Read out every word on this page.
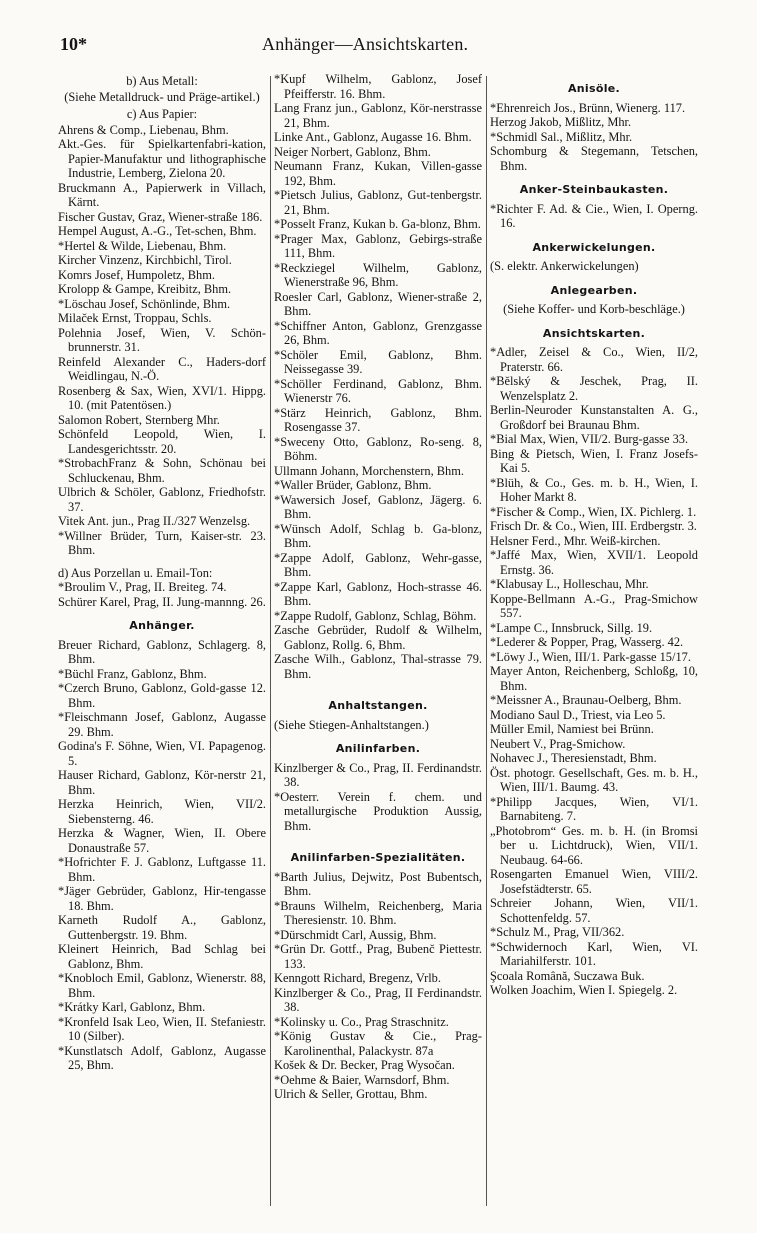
10*	Anhänger—Ansichtskarten.
b) Aus Metall:
(Siehe Metalldruck- und Präge-artikel.)
c) Aus Papier:
Ahrens & Comp., Liebenau, Bhm.
Akt.-Ges. für Spielkartenfabri-kation, Papier-Manufaktur und lithographische Industrie, Lemberg, Zielona 20.
Bruckmann A., Papierwerk in Villach, Kärnt.
Fischer Gustav, Graz, Wiener-straße 186.
Hempel August, A.-G., Tet-schen, Bhm.
*Hertel & Wilde, Liebenau, Bhm.
Kircher Vinzenz, Kirchbichl, Tirol.
Komrs Josef, Humpoletz, Bhm.
Krolopp & Gampe, Kreibitz, Bhm.
*Löschau Josef, Schönlinde, Bhm.
Milaček Ernst, Troppau, Schls.
Polehnia Josef, Wien, V. Schön-brunnerstr. 31.
Reinfeld Alexander C., Haders-dorf Weidlingau, N.-Ö.
Rosenberg & Sax, Wien, XVI/1. Hippg. 10. (mit Patentösen.)
Salomon Robert, Sternberg Mhr.
Schönfeld Leopold, Wien, I. Landesgerichtsstr. 20.
*StrobachFranz & Sohn, Schönau bei Schluckenau, Bhm.
Ulbrich & Schöler, Gablonz, Friedhofstr. 37.
Vitek Ant. jun., Prag II./327 Wenzelsg.
*Willner Brüder, Turn, Kaiser-str. 23. Bhm.
d) Aus Porzellan u. Email-Ton:
*Broulim V., Prag, II. Breiteg. 74.
Schürer Karel, Prag, II. Jung-mannng. 26.
Anhänger.
Breuer Richard, Gablonz, Schlagerg. 8, Bhm.
*Büchl Franz, Gablonz, Bhm.
*Czerch Bruno, Gablonz, Gold-gasse 12. Bhm.
*Fleischmann Josef, Gablonz, Augasse 29. Bhm.
Godina's F. Söhne, Wien, VI. Papagenog. 5.
Hauser Richard, Gablonz, Kör-nerstr 21, Bhm.
Herzka Heinrich, Wien, VII/2. Siebensterng. 46.
Herzka & Wagner, Wien, II. Obere Donaustraße 57.
*Hofrichter F. J. Gablonz, Luftgasse 11. Bhm.
*Jäger Gebrüder, Gablonz, Hir-tengasse 18. Bhm.
Karneth Rudolf A., Gablonz, Guttenbergstr. 19. Bhm.
Kleinert Heinrich, Bad Schlag bei Gablonz, Bhm.
*Knobloch Emil, Gablonz, Wienerstr. 88, Bhm.
*Krátky Karl, Gablonz, Bhm.
*Kronfeld Isak Leo, Wien, II. Stefaniestr. 10 (Silber).
*Kunstlatsch Adolf, Gablonz, Augasse 25, Bhm.
*Kupf Wilhelm, Gablonz, Josef Pfeifferstr. 16. Bhm.
Lang Franz jun., Gablonz, Kör-nerstrasse 21, Bhm.
Linke Ant., Gablonz, Augasse 16. Bhm.
Neiger Norbert, Gablonz, Bhm.
Neumann Franz, Kukan, Villen-gasse 192, Bhm.
*Pietsch Julius, Gablonz, Gut-tenbergstr. 21, Bhm.
*Posselt Franz, Kukan b. Ga-blonz, Bhm.
*Prager Max, Gablonz, Gebirgs-straße 111, Bhm.
*Reckziegel Wilhelm, Gablonz, Wienerstraße 96, Bhm.
Roesler Carl, Gablonz, Wiener-straße 2, Bhm.
*Schiffner Anton, Gablonz, Grenzgasse 26, Bhm.
*Schöler Emil, Gablonz, Bhm. Neissegasse 39.
*Schöller Ferdinand, Gablonz, Bhm. Wienerstr 76.
*Stärz Heinrich, Gablonz, Bhm. Rosengasse 37.
*Sweceny Otto, Gablonz, Ro-seng. 8, Böhm.
Ullmann Johann, Morchenstern, Bhm.
*Waller Brüder, Gablonz, Bhm.
*Wawersich Josef, Gablonz, Jägerg. 6. Bhm.
*Wünsch Adolf, Schlag b. Ga-blonz, Bhm.
*Zappe Adolf, Gablonz, Wehr-gasse, Bhm.
*Zappe Karl, Gablonz, Hoch-strasse 46. Bhm.
*Zappe Rudolf, Gablonz, Schlag, Böhm.
Zasche Gebrüder, Rudolf & Wilhelm, Gablonz, Rollg. 6, Bhm.
Zasche Wilh., Gablonz, Thal-strasse 79. Bhm.
Anhaltstangen.
(Siehe Stiegen-Anhaltstangen.)
Anilinfarben.
Kinzlberger & Co., Prag, II. Ferdinandstr. 38.
*Oesterr. Verein f. chem. und metallurgische Produktion Aussig, Bhm.
Anilinfarben-Spezialitäten.
*Barth Julius, Dejwitz, Post Bubentsch, Bhm.
*Brauns Wilhelm, Reichenberg, Maria Theresienstr. 10. Bhm.
*Dürschmidt Carl, Aussig, Bhm.
*Grün Dr. Gottf., Prag, Bubenč Piettestr. 133.
Kenngott Richard, Bregenz, Vrlb.
Kinzlberger & Co., Prag, II Ferdinandstr. 38.
*Kolinsky u. Co., Prag Straschnitz.
*König Gustav & Cie., Prag-Karolinenthal, Palackystr. 87a
Košek & Dr. Becker, Prag Wysočan.
*Oehme & Baier, Warnsdorf, Bhm.
Ulrich & Seller, Grottau, Bhm.
Anisöle.
*Ehrenreich Jos., Brünn, Wienerg. 117.
Herzog Jakob, Mißlitz, Mhr.
*Schmidl Sal., Mißlitz, Mhr.
Schomburg & Stegemann, Tetschen, Bhm.
Anker-Steinbaukasten.
*Richter F. Ad. & Cie., Wien, I. Operng. 16.
Ankerwickelungen.
(S. elektr. Ankerwickelungen)
Anlegearben.
(Siehe Koffer- und Korb-beschläge.)
Ansichtskarten.
*Adler, Zeisel & Co., Wien, II/2, Praterstr. 66.
*Bělský & Jeschek, Prag, II. Wenzelsplatz 2.
Berlin-Neuroder Kunstanstalten A. G., Großdorf bei Braunau Bhm.
*Bial Max, Wien, VII/2. Burg-gasse 33.
Bing & Pietsch, Wien, I. Franz Josefs-Kai 5.
*Blüh, & Co., Ges. m. b. H., Wien, I. Hoher Markt 8.
*Fischer & Comp., Wien, IX. Pichlerg. 1.
Frisch Dr. & Co., Wien, III. Erdbergstr. 3.
Helsner Ferd., Mhr. Weiß-kirchen.
*Jaffé Max, Wien, XVII/1. Leopold Ernstg. 36.
*Klabusay L., Holleschau, Mhr.
Koppe-Bellmann A.-G., Prag-Smichow 557.
*Lampe C., Innsbruck, Sillg. 19.
*Lederer & Popper, Prag, Wasserg. 42.
*Löwy J., Wien, III/1. Park-gasse 15/17.
Mayer Anton, Reichenberg, Schloßg, 10, Bhm.
*Meissner A., Braunau-Oelberg, Bhm.
Modiano Saul D., Triest, via Leo 5.
Müller Emil, Namiest bei Brünn.
Neubert V., Prag-Smichow.
Nohavec J., Theresienstadt, Bhm.
Öst. photogr. Gesellschaft, Ges. m. b. H., Wien, III/1. Baumg. 43.
*Philipp Jacques, Wien, VI/1. Barnabiteng. 7.
„Photobrom“ Ges. m. b. H. (in Bromsi ber u. Lichtdruck), Wien, VII/1. Neubaug. 64-66.
Rosengarten Emanuel Wien, VIII/2. Josefstädterstr. 65.
Schreier Johann, Wien, VII/1. Schottenfeldg. 57.
*Schulz M., Prag, VII/362.
*Schwidernoch Karl, Wien, VI. Mariahilferstr. 101.
Şcoala Română, Suczawa Buk.
Wolken Joachim, Wien I. Spiegelg. 2.
